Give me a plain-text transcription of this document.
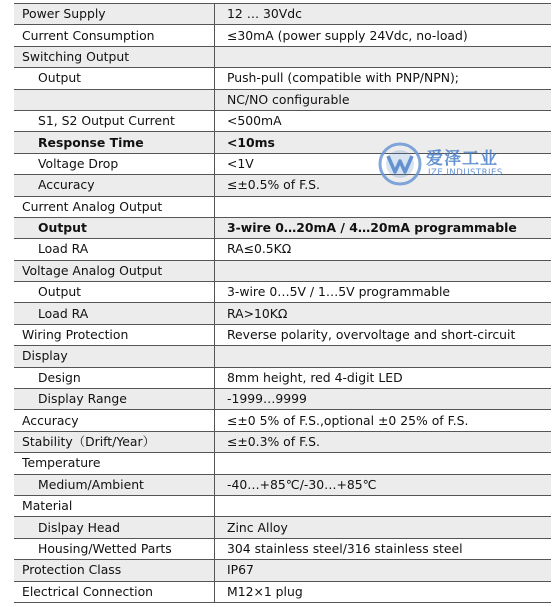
Power Supply	12 … 30Vdc
Current Consumption	≤30mA (power supply 24Vdc, no-load)
Switching Output	
Output	Push-pull (compatible with PNP/NPN);
	NC/NO configurable
S1, S2 Output Current	<500mA
Response Time	<10ms
Voltage Drop	<1V
Accuracy	≤±0.5% of F.S.
Current Analog Output	
Output	3-wire 0…20mA / 4…20mA programmable
Load RA	RA≤0.5KΩ
Voltage Analog Output	
Output	3-wire 0…5V / 1…5V programmable
Load RA	RA>10KΩ
Wiring Protection	Reverse polarity, overvoltage and short-circuit
Display	
Design	8mm height, red 4-digit LED
Display Range	-1999…9999
Accuracy	≤±0 5% of F.S.,optional ±0 25% of F.S.
Stability（Drift/Year）	≤±0.3% of F.S.
Temperature	
Medium/Ambient	-40…+85℃/-30…+85℃
Material	
Dislpay Head	Zinc Alloy
Housing/Wetted Parts	304 stainless steel/316 stainless steel
Protection Class	IP67
Electrical Connection	M12×1 plug
爱泽工业
IZE INDUSTRIES
